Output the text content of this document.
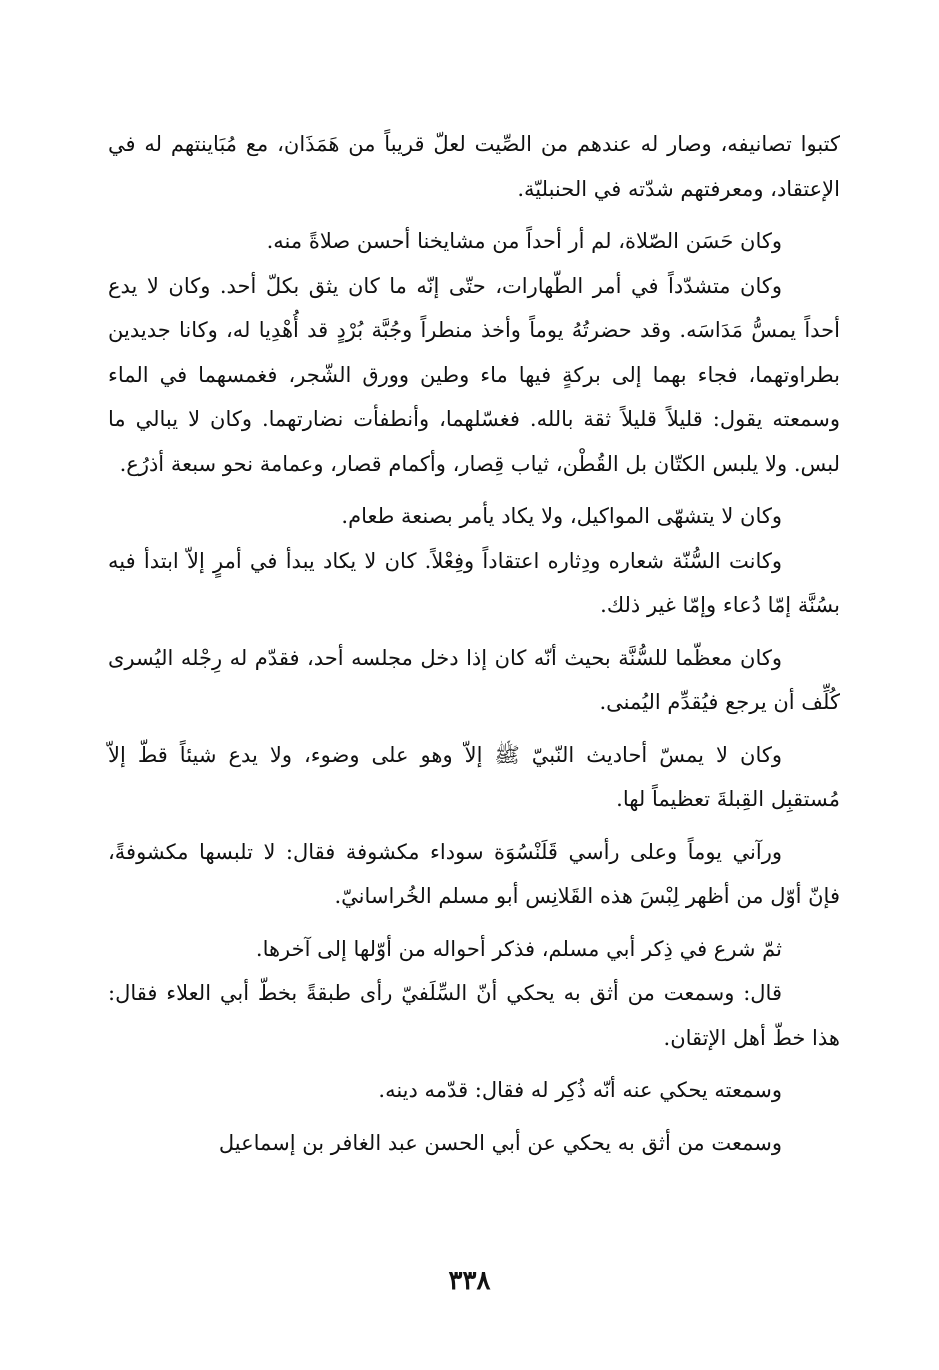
كتبوا تصانيفه، وصار له عندهم من الصِّيت لعلّ قريباً من هَمَذَان، مع مُبَاينتهم له في الإعتقاد، ومعرفتهم شدّته في الحنبليّة.

وكان حَسَن الصّلاة، لم أر أحداً من مشايخنا أحسن صلاةً منه.

وكان متشدّداً في أمر الطّهارات، حتّى إنّه ما كان يثق بكلّ أحد. وكان لا يدع أحداً يمسُّ مَدَاسَه. وقد حضرتُهُ يوماً وأخذ منطراً وجُبَّة بُرْدٍ قد أُهْدِيا له، وكانا جديدين بطراوتهما، فجاء بهما إلى بركةٍ فيها ماء وطين وورق الشّجر، فغمسهما في الماء وسمعته يقول: قليلاً قليلاً ثقة بالله. فغسّلهما، وأنطفأت نضارتهما. وكان لا يبالي ما لبس. ولا يلبس الكتّان بل القُطْن، ثياب قِصار، وأكمام قصار، وعمامة نحو سبعة أذرُع.

وكان لا يتشهّى المواكيل، ولا يكاد يأمر بصنعة طعام.

وكانت السُّنّة شعاره ودِثاره اعتقاداً وفِعْلاً. كان لا يكاد يبدأ في أمرٍ إلاّ ابتدأ فيه بسُنَّة إمّا دُعاء وإمّا غير ذلك.

وكان معظّما للسُّنَّة بحيث أنّه كان إذا دخل مجلسه أحد، فقدّم له رِجْله اليُسرى كُلِّف أن يرجع فيُقدِّم اليُمنى.

وكان لا يمسّ أحاديث النّبيّ ﷺ إلاّ وهو على وضوء، ولا يدع شيئاً قطّ إلاّ مُستقبِل القِبلةَ تعظيماً لها.

ورآني يوماً وعلى رأسي قَلَنْسُوَة سوداء مكشوفة فقال: لا تلبسها مكشوفةً، فإنّ أوّل من أظهر لِبْسَ هذه القَلانِس أبو مسلم الخُراسانيّ.

ثمّ شرع في ذِكر أبي مسلم، فذكر أحواله من أوّلها إلى آخرها.

قال: وسمعت من أثق به يحكي أنّ السِّلَفيّ رأى طبقةً بخطّ أبي العلاء فقال: هذا خطّ أهل الإتقان.

وسمعته يحكي عنه أنّه ذُكِر له فقال: قدّمه دينه.

وسمعت من أثق به يحكي عن أبي الحسن عبد الغافر بن إسماعيل

٣٣٨
